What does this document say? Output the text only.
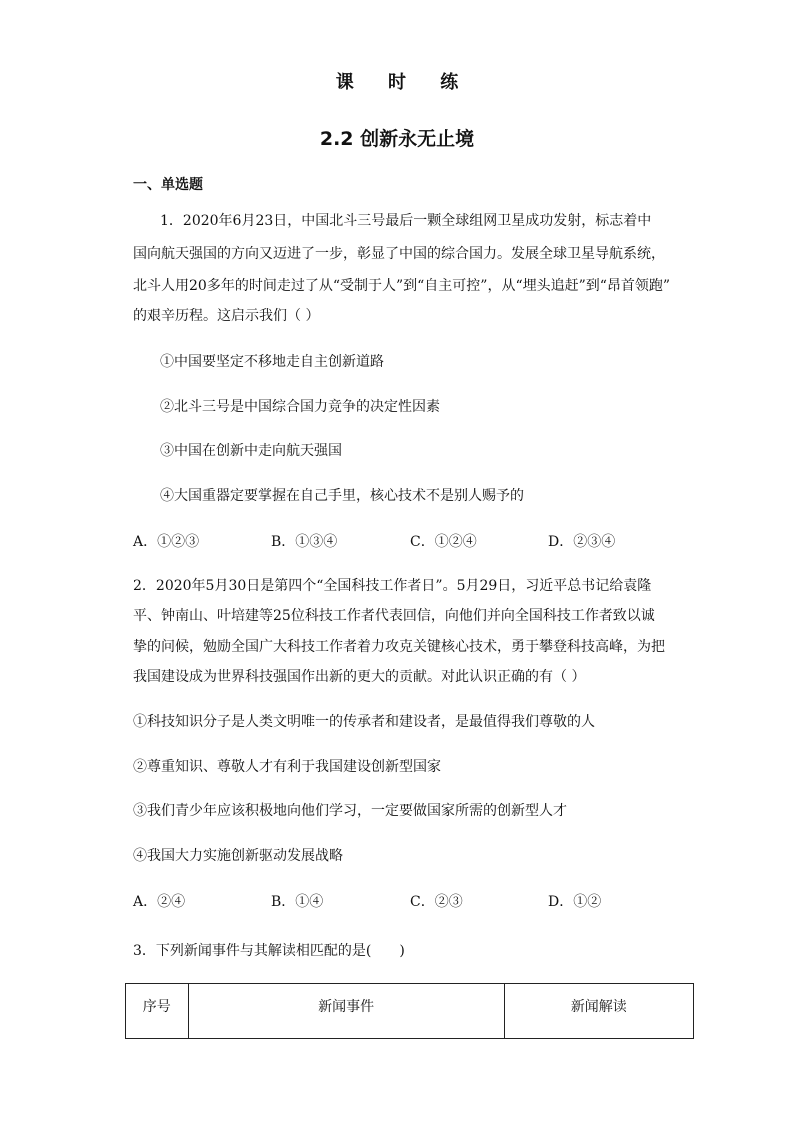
课 时 练
2.2 创新永无止境
一、单选题
1．2020年6月23日，中国北斗三号最后一颗全球组网卫星成功发射，标志着中
国向航天强国的方向又迈进了一步，彰显了中国的综合国力。发展全球卫星导航系统，
北斗人用20多年的时间走过了从“受制于人”到“自主可控”，从“埋头追赶”到“昂首领跑”
的艰辛历程。这启示我们（ ）
①中国要坚定不移地走自主创新道路
②北斗三号是中国综合国力竞争的决定性因素
③中国在创新中走向航天强国
④大国重器定要掌握在自己手里，核心技术不是别人赐予的
A．①②③	B．①③④	C．①②④	D．②③④
2．2020年5月30日是第四个“全国科技工作者日”。5月29日，习近平总书记给袁隆
平、钟南山、叶培建等25位科技工作者代表回信，向他们并向全国科技工作者致以诚
挚的问候，勉励全国广大科技工作者着力攻克关键核心技术，勇于攀登科技高峰，为把
我国建设成为世界科技强国作出新的更大的贡献。对此认识正确的有（ ）
①科技知识分子是人类文明唯一的传承者和建设者，是最值得我们尊敬的人
②尊重知识、尊敬人才有利于我国建设创新型国家
③我们青少年应该积极地向他们学习，一定要做国家所需的创新型人才
④我国大力实施创新驱动发展战略
A．②④	B．①④	C．②③	D．①②
3．下列新闻事件与其解读相匹配的是(　　)
序号	新闻事件	新闻解读
